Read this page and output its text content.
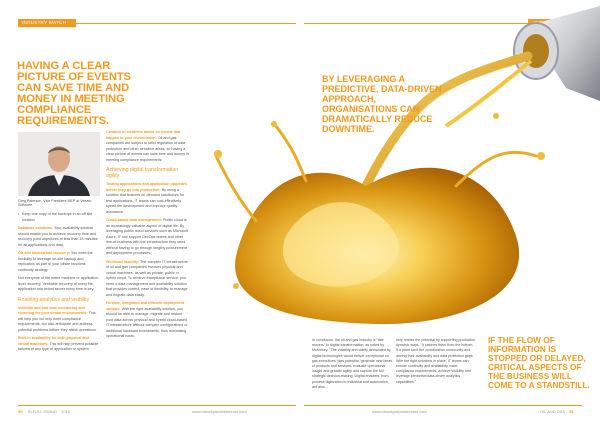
INDUSTRY WATCH
HAVING A CLEAR PICTURE OF EVENTS CAN SAVE TIME AND MONEY IN MEETING COMPLIANCE REQUIREMENTS.
Greg Paterson, Vice President MEP at Veeam Software

• Keep one copy of the backups in an off site location

Database solutions: Your availability solution should enable you to achieve recovery time and recovery point objectives of less than 15 minutes for all applications and data.

Off-site backup and recovery: You need the flexibility to leverage on-site backup and replication as part of your offsite business continuity strategy.

Not everyone of the entire machine or application-level recovery. Verifiable recovery of every file, application and virtual server every time is key.

Enabling analytics and visibility

Visibility and real-time monitoring and reporting for your virtual environments: This will help you not only meet compliance requirements, but also anticipate and address potential problems before they affect operations.

Built-in availability for both physical and virtual machines: This will help prevent possible failures of any type of application or system.

Creation of incidents based on events that happen in your environment: Oil and gas companies are subject to strict regulation of data protection and other sensitive areas, so having a clear picture of events can save time and money in meeting compliance requirements.

Achieving digital transformation agility

Testing applications and application upgrades before they go into production: By using a solution that features on-demand sandboxes for test applications, IT teams can cost-effectively speed the development and improve quality assurance.

Cloud-based data management: Public cloud is an increasingly valuable aspect of digital life. By leveraging public cloud services such as Microsoft Azure, IT can support DevOps teams and other line-of-business with the infrastructure they need without having to go through lengthy procurement and deployment processes.

Workload mobility: The complex IT infrastructure of oil and gas companies involves physical and virtual machines, as well as private, public or hybrid cloud. To achieve exceptional service, you need a data management and availability solution that provides control, ease of flexibility, to manage and migrate data easily.

Flexible, integrated and efficient deployment options: With the right availability solution, you should be able to manage, migrate and restore your data across physical and hybrid cloud-based IT infrastructure without complex configurations or additional hardware investments, thus minimising operational costs.

BY LEVERAGING A PREDICTIVE, DATA-DRIVEN APPROACH, ORGANISATIONS CAN DRAMATICALLY REDUCE DOWNTIME.
IF THE FLOW OF INFORMATION IS STOPPED OR DELAYED, CRITICAL ASPECTS OF THE BUSINESS WILL COME TO A STANDSTILL.
In conclusion, the oil and gas industry is "late movers" to digital transformation, as noted by McKinsey. "The volatility and clarity demanded by digital technologies would deliver exceptional on gas executives' bias potential, generate new ideas of products and services, evaluate operational insight and greater agility and capture the full strategic decision-making. Digital enablers, from process digitization to industrial and automation, are also...
help realize the potential by supporting production dynamic ways. "It catches them from the bottom. If a plant can't the coordination community and driving their availability and data protection gaps. With the right solutions in place, IT teams can ensure continuity and availability, meet compliance requirements, achieve visibility and leverage predictive/data-driven analytics capabilities."
90 IN FULL SWING 1010	www.oilandgasmiddleeast.com	www.oilandgasmiddleeast.com	OIL AND GAS 91
